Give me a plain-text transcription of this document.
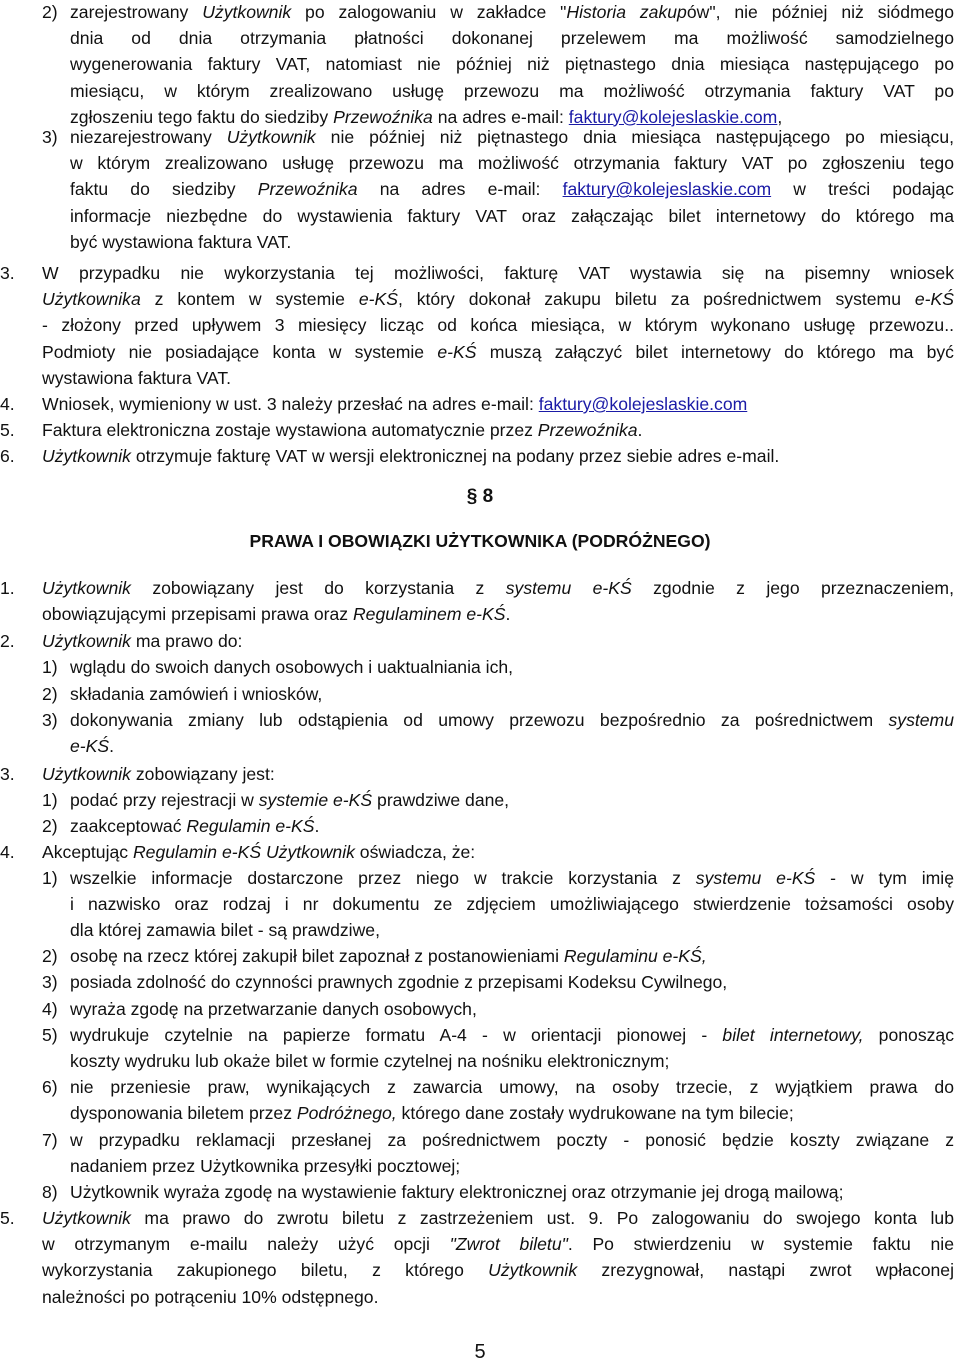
2) zarejestrowany Użytkownik po zalogowaniu w zakładce "Historia zakupów", nie później niż siódmego
dnia od dnia otrzymania płatności dokonanej przelewem ma możliwość samodzielnego
wygenerowania faktury VAT, natomiast nie później niż piętnastego dnia miesiąca następującego po
miesiącu, w którym zrealizowano usługę przewozu ma możliwość otrzymania faktury VAT po
zgłoszeniu tego faktu do siedziby Przewoźnika na adres e-mail: faktury@kolejeslaskie.com,
3) niezarejestrowany Użytkownik nie później niż piętnastego dnia miesiąca następującego po miesiącu,
w którym zrealizowano usługę przewozu ma możliwość otrzymania faktury VAT po zgłoszeniu tego
faktu do siedziby Przewoźnika na adres e-mail: faktury@kolejeslaskie.com w treści podając
informacje niezbędne do wystawienia faktury VAT oraz załączając bilet internetowy do którego ma
być wystawiona faktura VAT.
3. W przypadku nie wykorzystania tej możliwości, fakturę VAT wystawia się na pisemny wniosek
Użytkownika z kontem w systemie e-KŚ, który dokonał zakupu biletu za pośrednictwem systemu e-KŚ
- złożony przed upływem 3 miesięcy licząc od końca miesiąca, w którym wykonano usługę przewozu..
Podmioty nie posiadające konta w systemie e-KŚ muszą załączyć bilet internetowy do którego ma być
wystawiona faktura VAT.
4. Wniosek, wymieniony w ust. 3 należy przesłać na adres e-mail: faktury@kolejeslaskie.com
5. Faktura elektroniczna zostaje wystawiona automatycznie przez Przewoźnika.
6. Użytkownik otrzymuje fakturę VAT w wersji elektronicznej na podany przez siebie adres e-mail.
§ 8
PRAWA I OBOWIĄZKI UŻYTKOWNIKA (PODRÓŻNEGO)
1. Użytkownik zobowiązany jest do korzystania z systemu e-KŚ zgodnie z jego przeznaczeniem,
obowiązującymi przepisami prawa oraz Regulaminem e-KŚ.
2. Użytkownik ma prawo do:
1) wglądu do swoich danych osobowych i uaktualniania ich,
2) składania zamówień i wniosków,
3) dokonywania zmiany lub odstąpienia od umowy przewozu bezpośrednio za pośrednictwem systemu
e-KŚ.
3. Użytkownik zobowiązany jest:
1) podać przy rejestracji w systemie e-KŚ prawdziwe dane,
2) zaakceptować Regulamin e-KŚ.
4. Akceptując Regulamin e-KŚ Użytkownik oświadcza, że:
1) wszelkie informacje dostarczone przez niego w trakcie korzystania z systemu e-KŚ - w tym imię
i nazwisko oraz rodzaj i nr dokumentu ze zdjęciem umożliwiającego stwierdzenie tożsamości osoby
dla której zamawia bilet - są prawdziwe,
2) osobę na rzecz której zakupił bilet zapoznał z postanowieniami Regulaminu e-KŚ,
3) posiada zdolność do czynności prawnych zgodnie z przepisami Kodeksu Cywilnego,
4) wyraża zgodę na przetwarzanie danych osobowych,
5) wydrukuje czytelnie na papierze formatu A-4 - w orientacji pionowej - bilet internetowy, ponosząc
koszty wydruku lub okaże bilet w formie czytelnej na nośniku elektronicznym;
6) nie przeniesie praw, wynikających z zawarcia umowy, na osoby trzecie, z wyjątkiem prawa do
dysponowania biletem przez Podróżnego, którego dane zostały wydrukowane na tym bilecie;
7) w przypadku reklamacji przesłanej za pośrednictwem poczty - ponosić będzie koszty związane z
nadaniem przez Użytkownika przesyłki pocztowej;
8) Użytkownik wyraża zgodę na wystawienie faktury elektronicznej oraz otrzymanie jej drogą mailową;
5. Użytkownik ma prawo do zwrotu biletu z zastrzeżeniem ust. 9. Po zalogowaniu do swojego konta lub
w otrzymanym e-mailu należy użyć opcji "Zwrot biletu". Po stwierdzeniu w systemie faktu nie
wykorzystania zakupionego biletu, z którego Użytkownik zrezygnował, nastąpi zwrot wpłaconej
należności po potrąceniu 10% odstępnego.
5
